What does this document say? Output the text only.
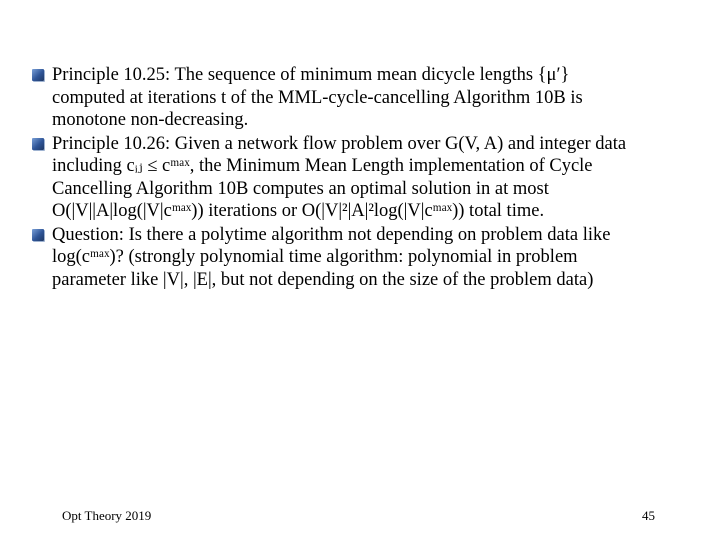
Principle 10.25: The sequence of minimum mean dicycle lengths {μ′}
computed at iterations t of the MML-cycle-cancelling Algorithm 10B is
monotone non-decreasing.
Principle 10.26: Given a network flow problem over G(V, A) and integer data
including cᵢⱼ ≤ cᵐᵃˣ, the Minimum Mean Length implementation of Cycle
Cancelling Algorithm 10B computes an optimal solution in at most
O(|V||A|log(|V|cᵐᵃˣ)) iterations or O(|V|²|A|²log(|V|cᵐᵃˣ)) total time.
Question: Is there a polytime algorithm not depending on problem data like
log(cᵐᵃˣ)? (strongly polynomial time algorithm: polynomial in problem
parameter like |V|, |E|, but not depending on the size of the problem data)
Opt Theory 2019	45
